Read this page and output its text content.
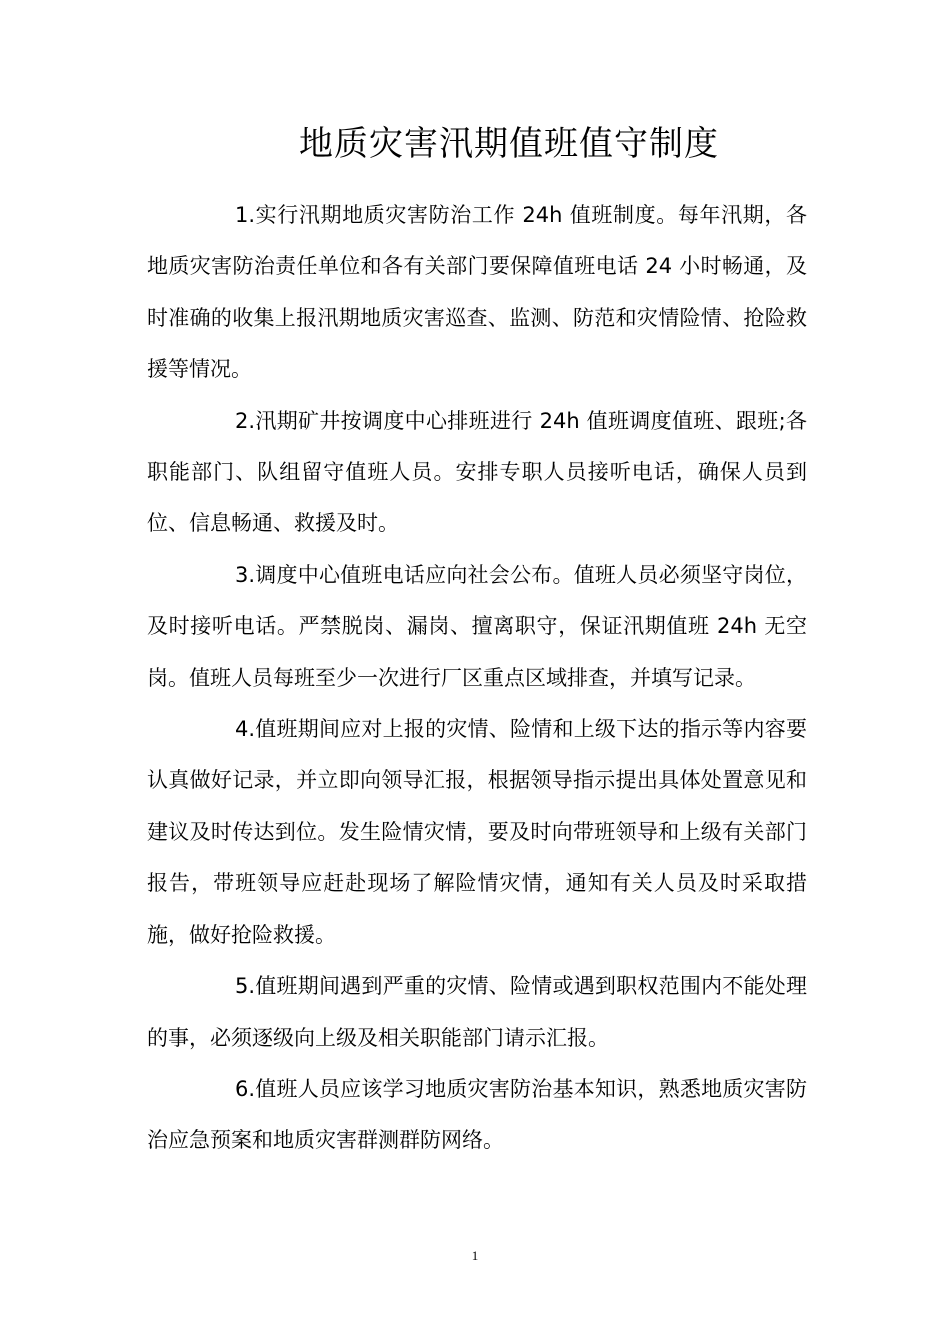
地质灾害汛期值班值守制度

1.实行汛期地质灾害防治工作 24h 值班制度。每年汛期，各地质灾害防治责任单位和各有关部门要保障值班电话 24 小时畅通，及时准确的收集上报汛期地质灾害巡查、监测、防范和灾情险情、抢险救援等情况。

2.汛期矿井按调度中心排班进行 24h 值班调度值班、跟班;各职能部门、队组留守值班人员。安排专职人员接听电话，确保人员到位、信息畅通、救援及时。

3.调度中心值班电话应向社会公布。值班人员必须坚守岗位，及时接听电话。严禁脱岗、漏岗、擅离职守，保证汛期值班 24h 无空岗。值班人员每班至少一次进行厂区重点区域排查，并填写记录。

4.值班期间应对上报的灾情、险情和上级下达的指示等内容要认真做好记录，并立即向领导汇报，根据领导指示提出具体处置意见和建议及时传达到位。发生险情灾情，要及时向带班领导和上级有关部门报告，带班领导应赶赴现场了解险情灾情，通知有关人员及时采取措施，做好抢险救援。

5.值班期间遇到严重的灾情、险情或遇到职权范围内不能处理的事，必须逐级向上级及相关职能部门请示汇报。

6.值班人员应该学习地质灾害防治基本知识，熟悉地质灾害防治应急预案和地质灾害群测群防网络。

1
